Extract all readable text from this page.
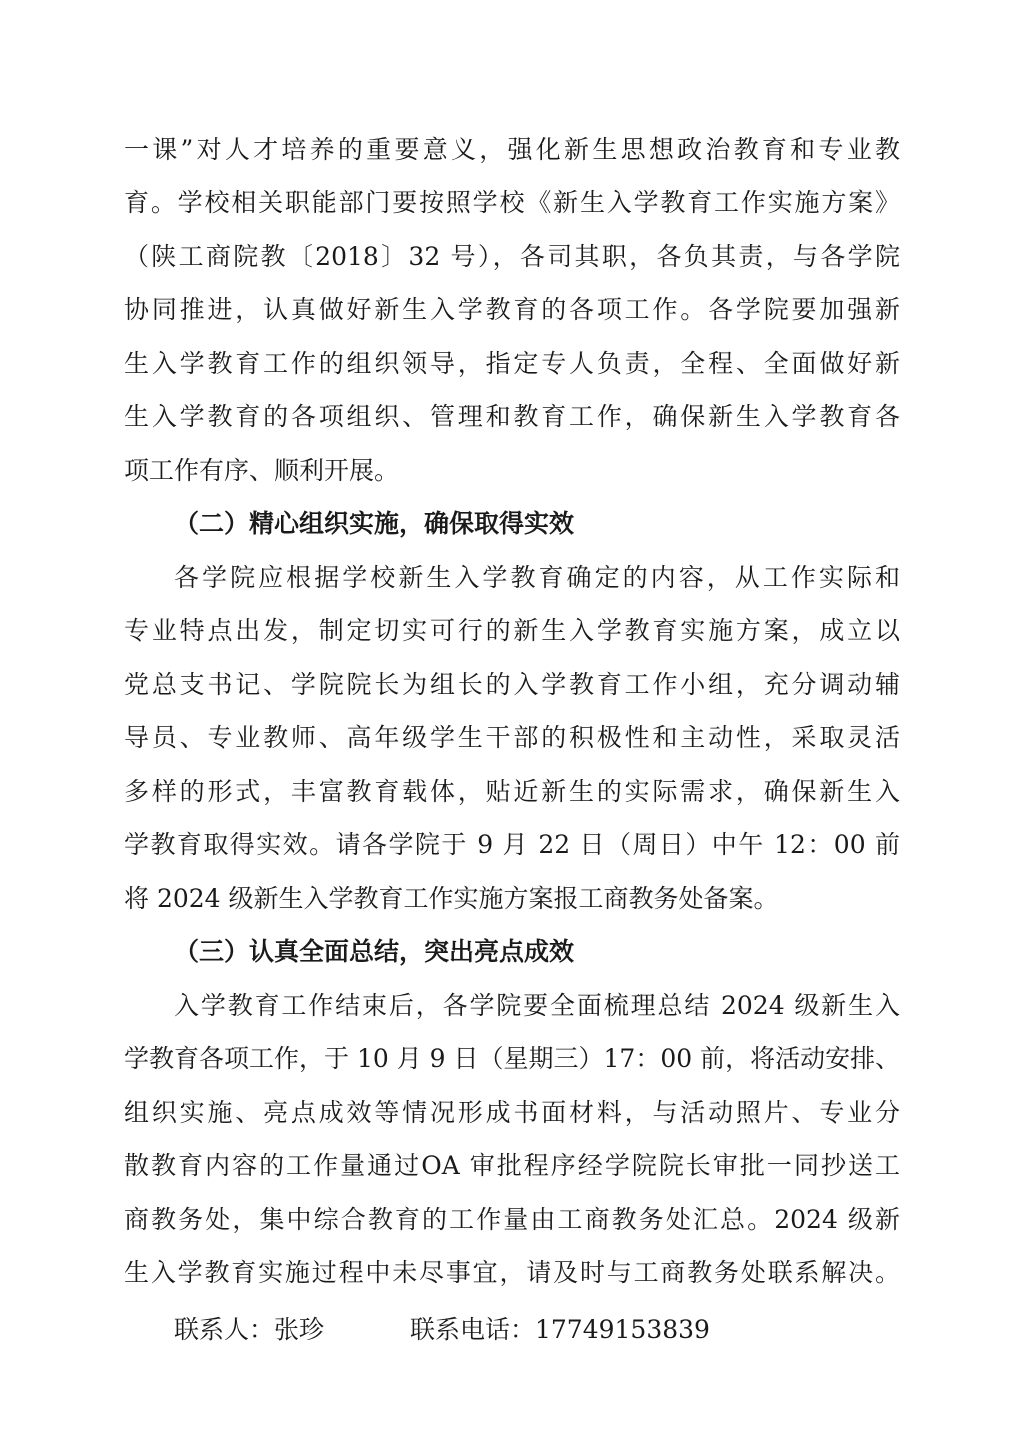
一课”对人才培养的重要意义，强化新生思想政治教育和专业教
育。学校相关职能部门要按照学校《新生入学教育工作实施方案》
（陕工商院教〔2018〕32 号），各司其职，各负其责，与各学院
协同推进，认真做好新生入学教育的各项工作。各学院要加强新
生入学教育工作的组织领导，指定专人负责，全程、全面做好新
生入学教育的各项组织、管理和教育工作，确保新生入学教育各
项工作有序、顺利开展。
（二）精心组织实施，确保取得实效
各学院应根据学校新生入学教育确定的内容，从工作实际和
专业特点出发，制定切实可行的新生入学教育实施方案，成立以
党总支书记、学院院长为组长的入学教育工作小组，充分调动辅
导员、专业教师、高年级学生干部的积极性和主动性，采取灵活
多样的形式，丰富教育载体，贴近新生的实际需求，确保新生入
学教育取得实效。请各学院于 9 月 22 日（周日）中午 12：00 前
将 2024 级新生入学教育工作实施方案报工商教务处备案。
（三）认真全面总结，突出亮点成效
入学教育工作结束后，各学院要全面梳理总结 2024 级新生入
学教育各项工作，于 10 月 9 日（星期三）17：00 前，将活动安排、
组织实施、亮点成效等情况形成书面材料，与活动照片、专业分
散教育内容的工作量通过OA 审批程序经学院院长审批一同抄送工
商教务处，集中综合教育的工作量由工商教务处汇总。2024 级新
生入学教育实施过程中未尽事宜，请及时与工商教务处联系解决。
联系人：张珍	联系电话：17749153839
